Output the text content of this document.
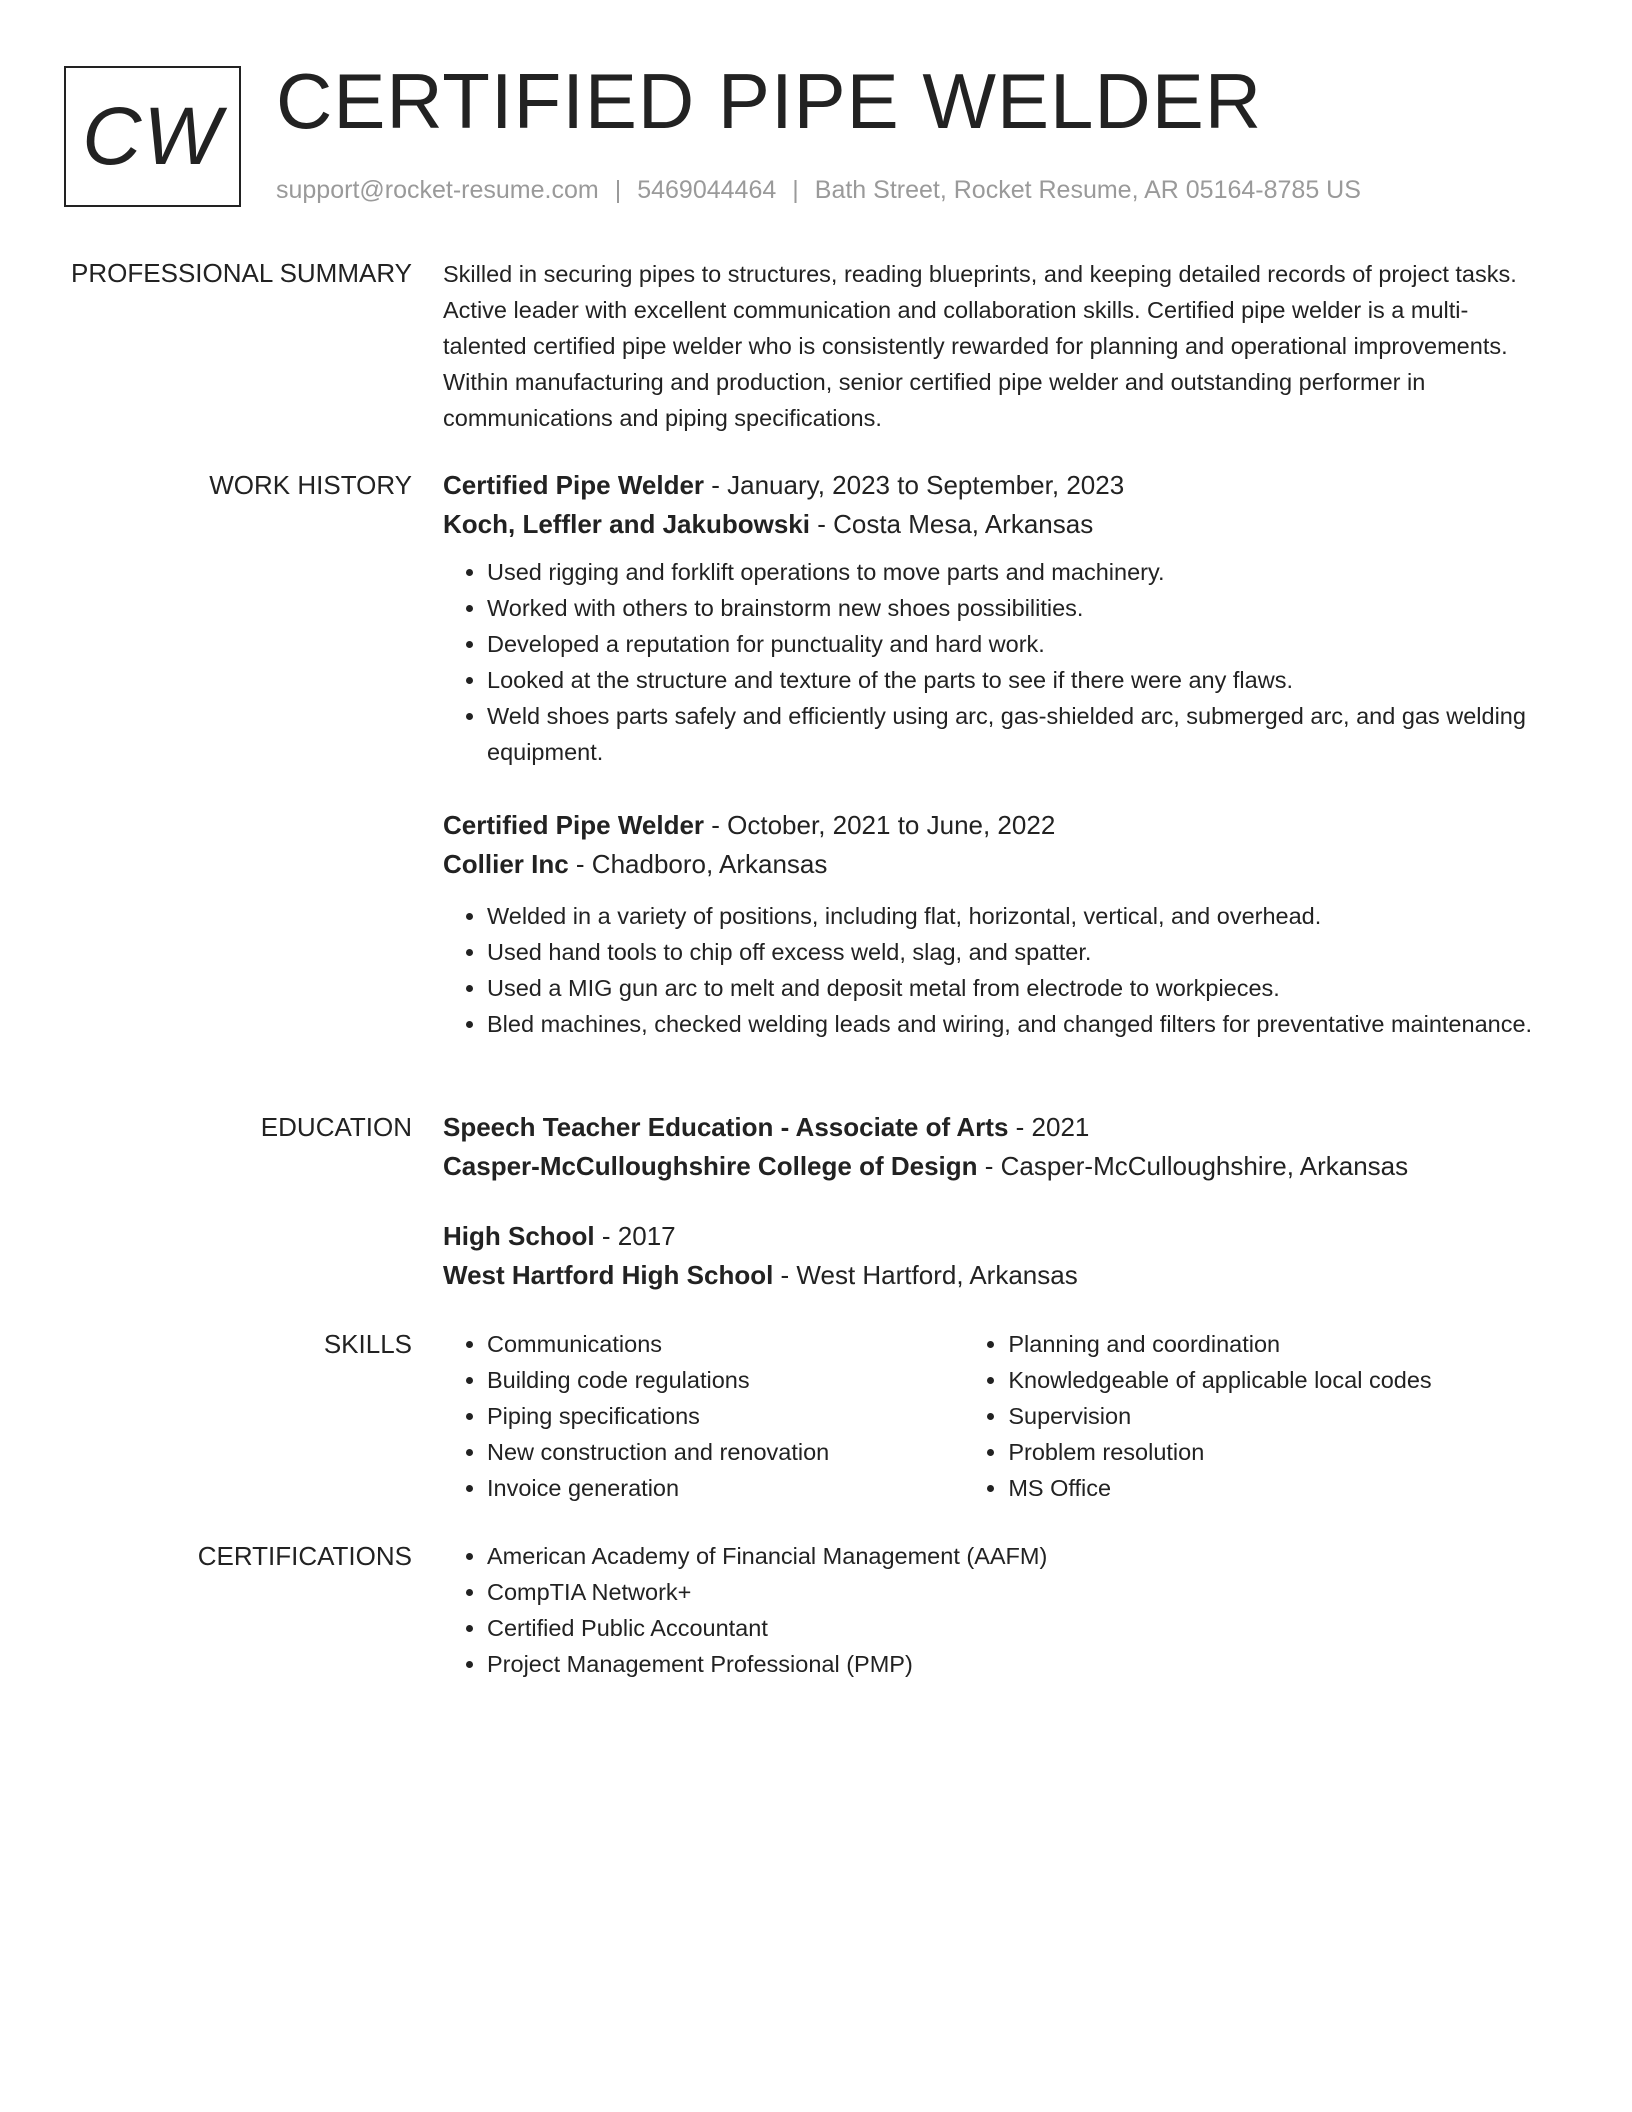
CW CERTIFIED PIPE WELDER
support@rocket-resume.com | 5469044464 | Bath Street, Rocket Resume, AR 05164-8785 US
PROFESSIONAL SUMMARY Skilled in securing pipes to structures, reading blueprints, and keeping detailed records of project tasks. Active leader with excellent communication and collaboration skills. Certified pipe welder is a multi-talented certified pipe welder who is consistently rewarded for planning and operational improvements. Within manufacturing and production, senior certified pipe welder and outstanding performer in communications and piping specifications.

WORK HISTORY Certified Pipe Welder - January, 2023 to September, 2023
Koch, Leffler and Jakubowski - Costa Mesa, Arkansas
• Used rigging and forklift operations to move parts and machinery.
• Worked with others to brainstorm new shoes possibilities.
• Developed a reputation for punctuality and hard work.
• Looked at the structure and texture of the parts to see if there were any flaws.
• Weld shoes parts safely and efficiently using arc, gas-shielded arc, submerged arc, and gas welding equipment.
Certified Pipe Welder - October, 2021 to June, 2022
Collier Inc - Chadboro, Arkansas
• Welded in a variety of positions, including flat, horizontal, vertical, and overhead.
• Used hand tools to chip off excess weld, slag, and spatter.
• Used a MIG gun arc to melt and deposit metal from electrode to workpieces.
• Bled machines, checked welding leads and wiring, and changed filters for preventative maintenance.
EDUCATION Speech Teacher Education - Associate of Arts - 2021
Casper-McCulloughshire College of Design - Casper-McCulloughshire, Arkansas
High School - 2017
West Hartford High School - West Hartford, Arkansas
SKILLS	• Communications
• Building code regulations
• Piping specifications
• New construction and renovation
• Invoice generation
• Planning and coordination
• Knowledgeable of applicable local codes
• Supervision
• Problem resolution
• MS Office
CERTIFICATIONS	• American Academy of Financial Management (AAFM)
• CompTIA Network+
• Certified Public Accountant
• Project Management Professional (PMP)
